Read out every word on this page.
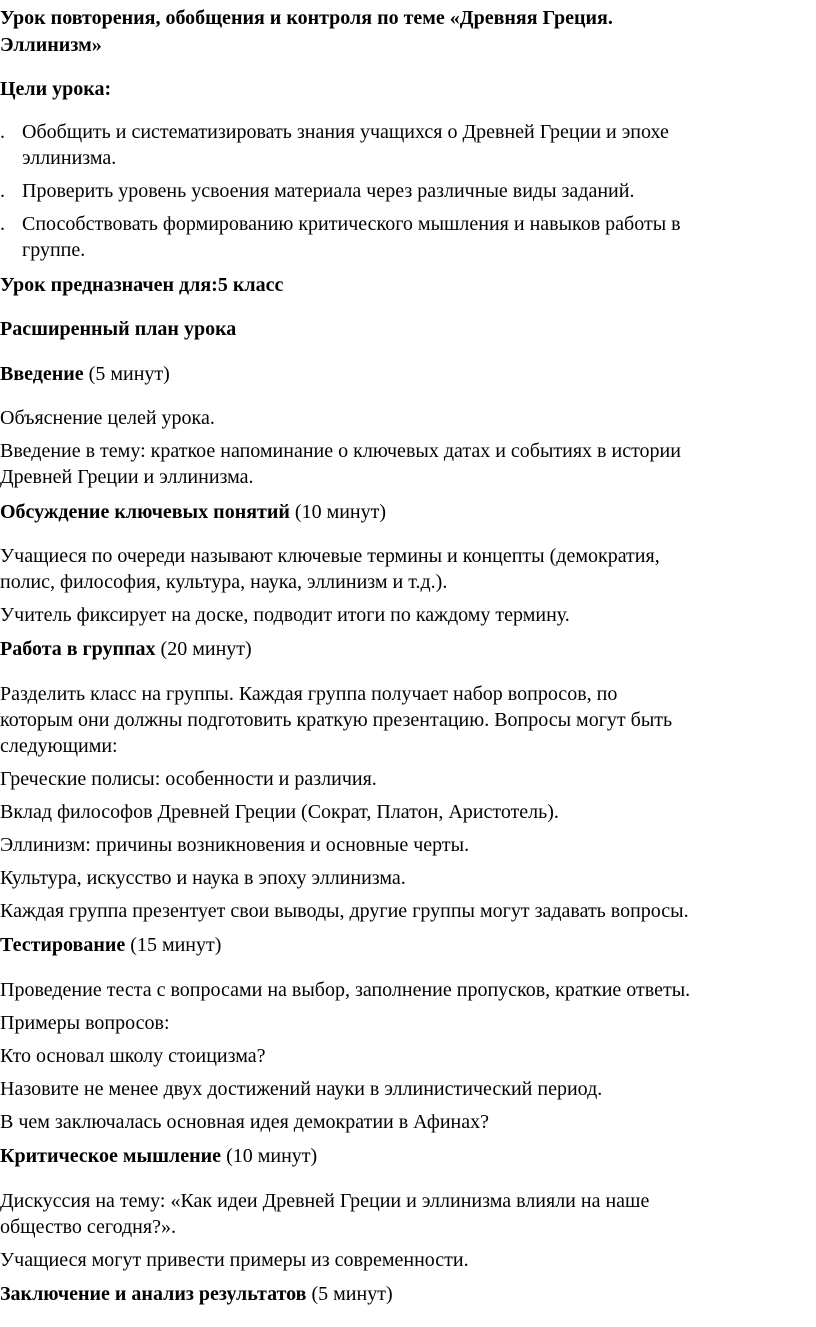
Урок повторения, обобщения и контроля по теме «Древняя Греция.
Эллинизм»
Цели урока:
. Обобщить и систематизировать знания учащихся о Древней Греции и эпохе
эллинизма.
. Проверить уровень усвоения материала через различные виды заданий.
. Способствовать формированию критического мышления и навыков работы в
группе.
Урок предназначен для:5 класс
Расширенный план урока
Введение (5 минут)
Объяснение целей урока.
Введение в тему: краткое напоминание о ключевых датах и событиях в истории
Древней Греции и эллинизма.
Обсуждение ключевых понятий (10 минут)
Учащиеся по очереди называют ключевые термины и концепты (демократия,
полис, философия, культура, наука, эллинизм и т.д.).
Учитель фиксирует на доске, подводит итоги по каждому термину.
Работа в группах (20 минут)
Разделить класс на группы. Каждая группа получает набор вопросов, по
которым они должны подготовить краткую презентацию. Вопросы могут быть
следующими:
Греческие полисы: особенности и различия.
Вклад философов Древней Греции (Сократ, Платон, Аристотель).
Эллинизм: причины возникновения и основные черты.
Культура, искусство и наука в эпоху эллинизма.
Каждая группа презентует свои выводы, другие группы могут задавать вопросы.
Тестирование (15 минут)
Проведение теста с вопросами на выбор, заполнение пропусков, краткие ответы.
Примеры вопросов:
Кто основал школу стоицизма?
Назовите не менее двух достижений науки в эллинистический период.
В чем заключалась основная идея демократии в Афинах?
Критическое мышление (10 минут)
Дискуссия на тему: «Как идеи Древней Греции и эллинизма влияли на наше
общество сегодня?».
Учащиеся могут привести примеры из современности.
Заключение и анализ результатов (5 минут)
